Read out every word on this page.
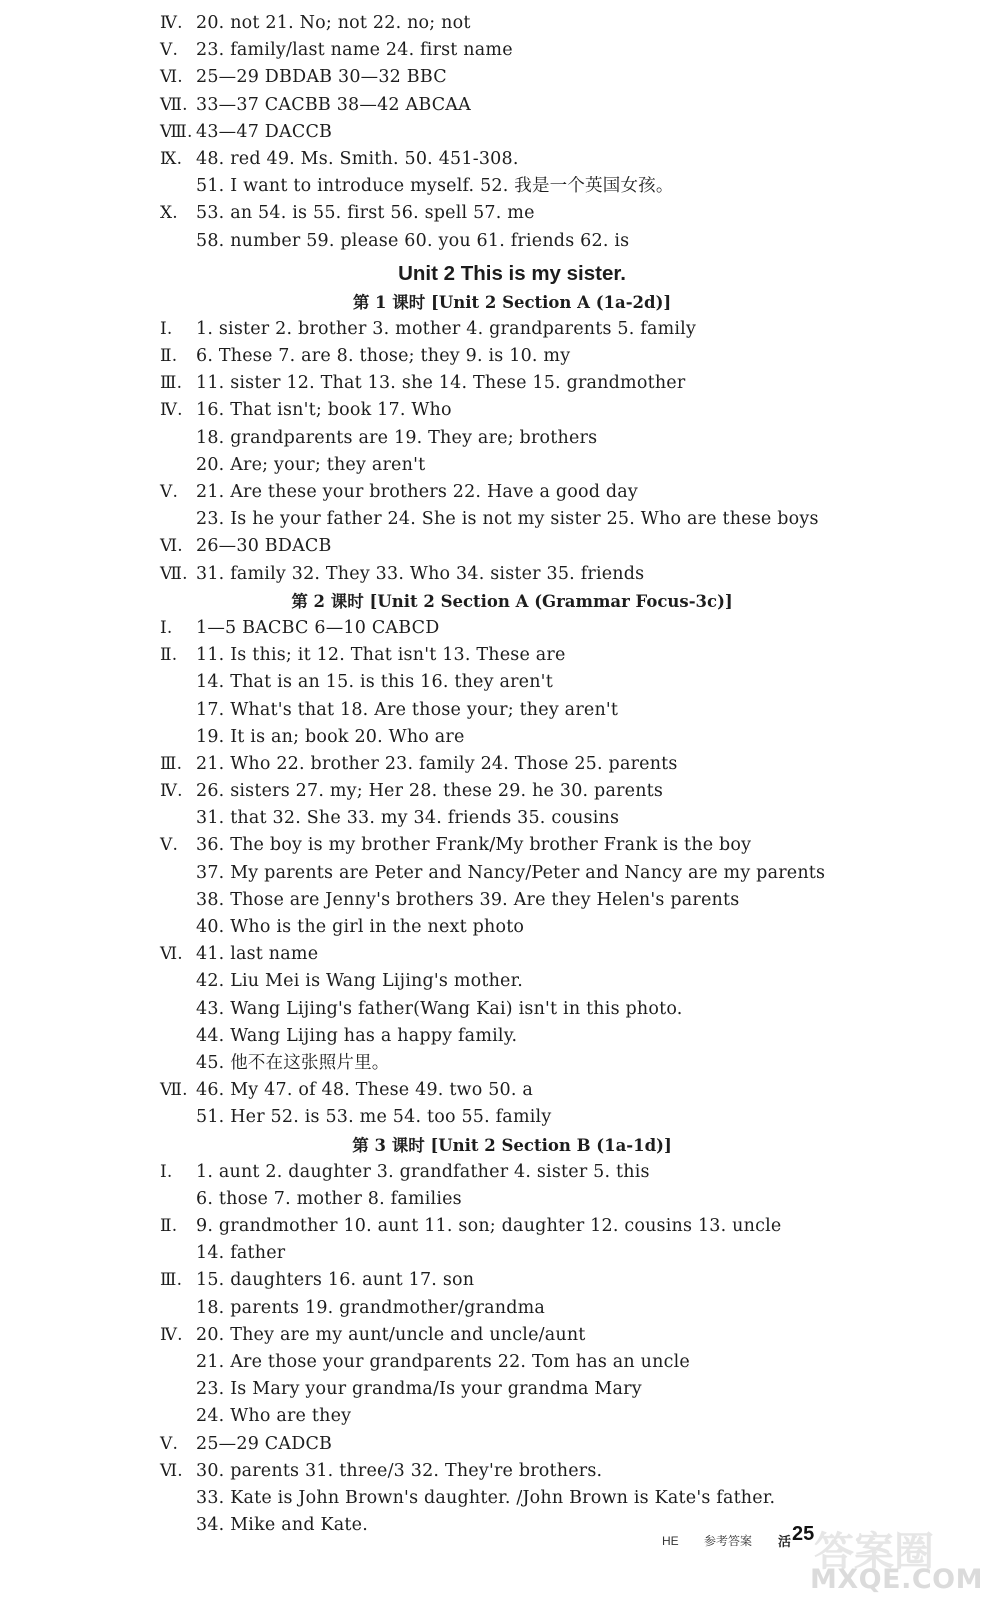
Ⅳ. 20. not 21. No; not 22. no; not
Ⅴ.	23. family/last name 24. first name
Ⅵ. 25—29 DBDAB 30—32 BBC
Ⅶ. 33—37 CACBB 38—42 ABCAA
Ⅷ. 43—47 DACCB
Ⅸ. 48. red 49. Ms. Smith. 50. 451-308.
51. I want to introduce myself. 52. 我是一个英国女孩。
Ⅹ.	53. an 54. is 55. first 56. spell 57. me
58. number 59. please 60. you 61. friends 62. is
Unit 2 This is my sister.
第 1 课时 [Unit 2 Section A (1a-2d)]
Ⅰ.	1. sister 2. brother 3. mother 4. grandparents 5. family
Ⅱ.	6. These 7. are 8. those; they 9. is 10. my
Ⅲ. 11. sister 12. That 13. she 14. These 15. grandmother
Ⅳ. 16. That isn't; book 17. Who
18. grandparents are 19. They are; brothers
20. Are; your; they aren't
Ⅴ.	21. Are these your brothers 22. Have a good day
23. Is he your father 24. She is not my sister 25. Who are these boys
Ⅵ. 26—30 BDACB
Ⅶ. 31. family 32. They 33. Who 34. sister 35. friends
第 2 课时 [Unit 2 Section A (Grammar Focus-3c)]
Ⅰ.	1—5 BACBC 6—10 CABCD
Ⅱ.	11. Is this; it 12. That isn't 13. These are
14. That is an 15. is this 16. they aren't
17. What's that 18. Are those your; they aren't
19. It is an; book 20. Who are
Ⅲ. 21. Who 22. brother 23. family 24. Those 25. parents
Ⅳ. 26. sisters 27. my; Her 28. these 29. he 30. parents
31. that 32. She 33. my 34. friends 35. cousins
Ⅴ.	36. The boy is my brother Frank/My brother Frank is the boy
37. My parents are Peter and Nancy/Peter and Nancy are my parents
38. Those are Jenny's brothers 39. Are they Helen's parents
40. Who is the girl in the next photo
Ⅵ. 41. last name
42. Liu Mei is Wang Lijing's mother.
43. Wang Lijing's father(Wang Kai) isn't in this photo.
44. Wang Lijing has a happy family.
45. 他不在这张照片里。
Ⅶ. 46. My 47. of 48. These 49. two 50. a
51. Her 52. is 53. me 54. too 55. family
第 3 课时 [Unit 2 Section B (1a-1d)]
Ⅰ.	1. aunt 2. daughter 3. grandfather 4. sister 5. this
6. those 7. mother 8. families
Ⅱ.	9. grandmother 10. aunt 11. son; daughter 12. cousins 13. uncle
14. father
Ⅲ. 15. daughters 16. aunt 17. son
18. parents 19. grandmother/grandma
Ⅳ. 20. They are my aunt/uncle and uncle/aunt
21. Are those your grandparents 22. Tom has an uncle
23. Is Mary your grandma/Is your grandma Mary
24. Who are they
Ⅴ.	25—29 CADCB
Ⅵ. 30. parents 31. three/3 32. They're brothers.
33. Kate is John Brown's daughter. /John Brown is Kate's father.
34. Mike and Kate.
HE 参考答案 活 25 答案圈
MXQE.COM
